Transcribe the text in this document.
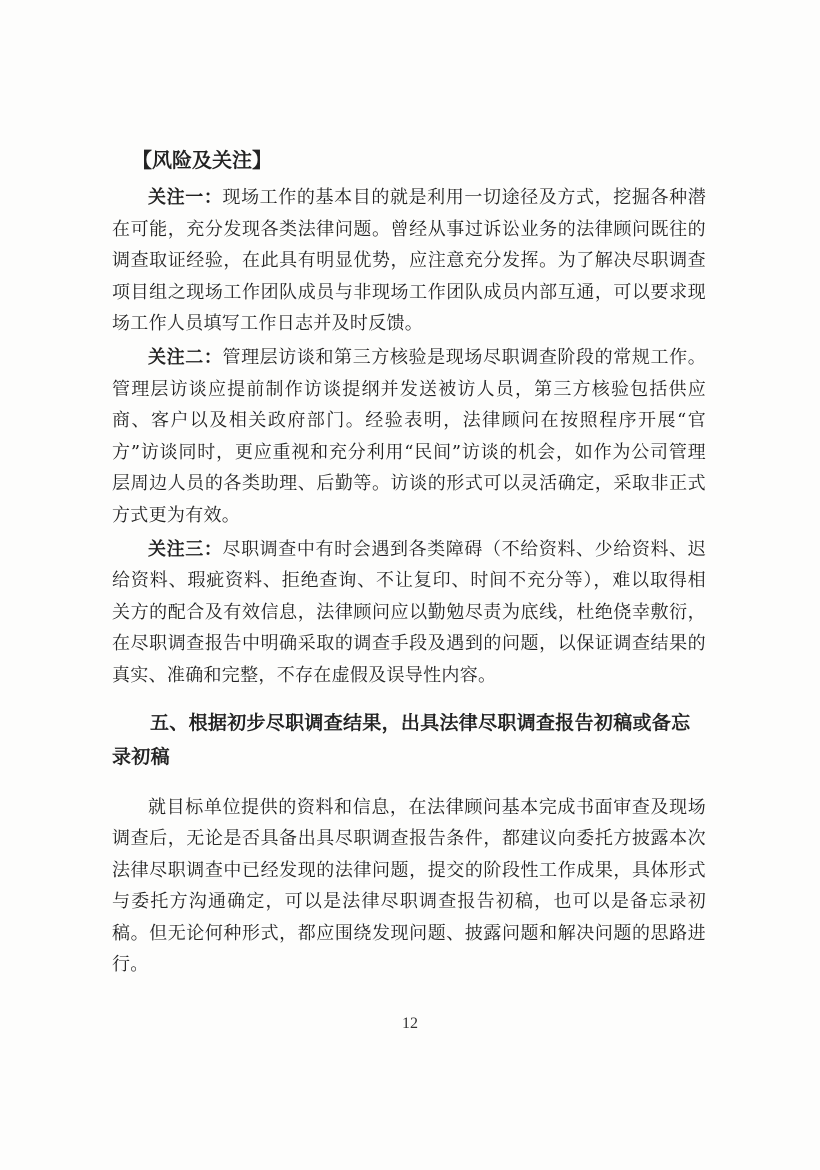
【风险及关注】

关注一：现场工作的基本目的就是利用一切途径及方式，挖掘各种潜在可能，充分发现各类法律问题。曾经从事过诉讼业务的法律顾问既往的调查取证经验，在此具有明显优势，应注意充分发挥。为了解决尽职调查项目组之现场工作团队成员与非现场工作团队成员内部互通，可以要求现场工作人员填写工作日志并及时反馈。

关注二：管理层访谈和第三方核验是现场尽职调查阶段的常规工作。管理层访谈应提前制作访谈提纲并发送被访人员，第三方核验包括供应商、客户以及相关政府部门。经验表明，法律顾问在按照程序开展“官方”访谈同时，更应重视和充分利用“民间”访谈的机会，如作为公司管理层周边人员的各类助理、后勤等。访谈的形式可以灵活确定，采取非正式方式更为有效。

关注三：尽职调查中有时会遇到各类障碍（不给资料、少给资料、迟给资料、瑕疵资料、拒绝查询、不让复印、时间不充分等），难以取得相关方的配合及有效信息，法律顾问应以勤勉尽责为底线，杜绝侥幸敷衍，在尽职调查报告中明确采取的调查手段及遇到的问题，以保证调查结果的真实、准确和完整，不存在虚假及误导性内容。

五、根据初步尽职调查结果，出具法律尽职调查报告初稿或备忘录初稿

就目标单位提供的资料和信息，在法律顾问基本完成书面审查及现场调查后，无论是否具备出具尽职调查报告条件，都建议向委托方披露本次法律尽职调查中已经发现的法律问题，提交的阶段性工作成果，具体形式与委托方沟通确定，可以是法律尽职调查报告初稿，也可以是备忘录初稿。但无论何种形式，都应围绕发现问题、披露问题和解决问题的思路进行。

12
